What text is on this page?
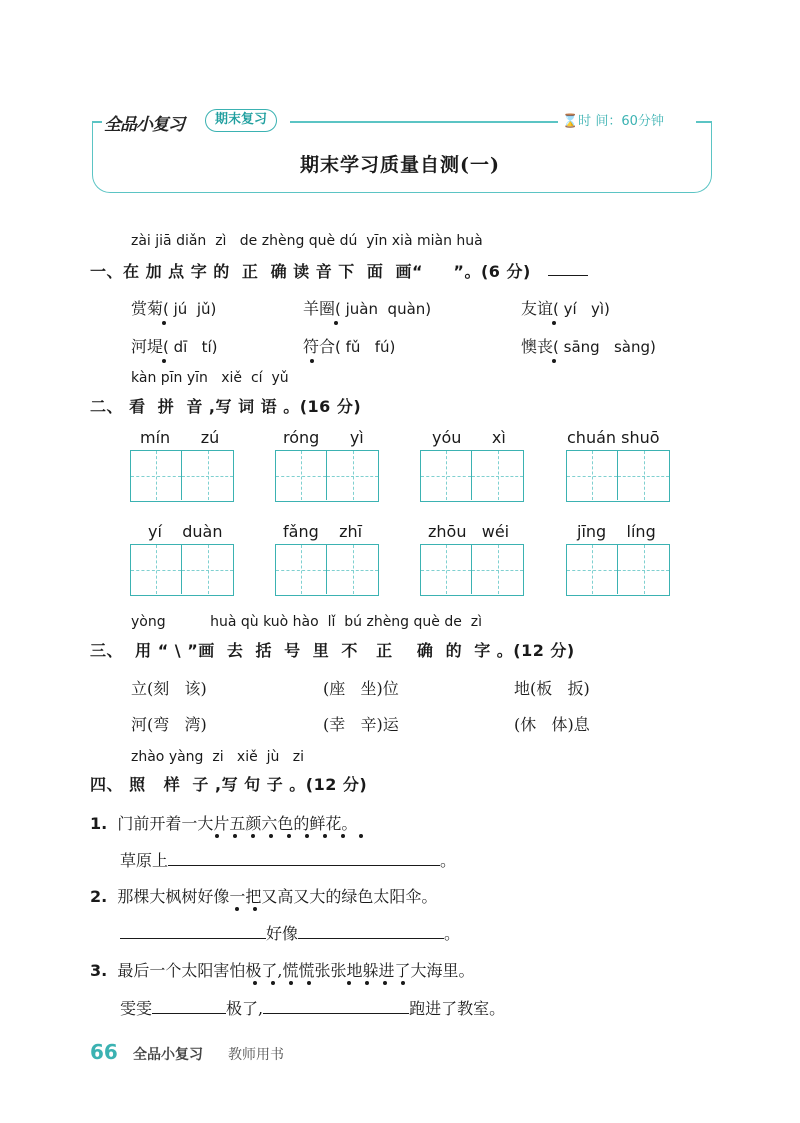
全品小复习	期末复习	⌛时 间：60分钟
期末学习质量自测(一)
zài jiā diǎn  zì   de zhèng què dú  yīn xià miàn huà
一、在 加 点 字 的  正  确 读 音 下  面  画“     ”。(6 分)
赏菊( jú  jǔ)	羊圈( juàn  quàn)	友谊( yí   yì)
河堤( dī   tí)	符合( fǔ   fú)	懊丧( sāng   sàng)
kàn pīn yīn   xiě  cí  yǔ
二、 看  拼  音 ,写 词 语 。(16 分)
mín      zú	róng      yì	yóu      xì	chuán shuō
yí    duàn	fǎng    zhī	zhōu   wéi	jīng    líng
yòng          huà qù kuò hào  lǐ  bú zhèng què de  zì
三、  用 “ \ ”画  去  括  号  里  不   正    确  的  字 。(12 分)
立(刻   该)	(座   坐)位	地(板   扳)
河(弯   湾)	(幸   辛)运	(休   体)息
zhào yàng  zi   xiě  jù   zi
四、 照   样  子 ,写 句 子 。(12 分)
1. 门前开着一大片五颜六色的鲜花。
草原上	。
2. 那棵大枫树好像一把又高又大的绿色太阳伞。
好像	。
3. 最后一个太阳害怕极了,慌慌张张地躲进了大海里。
雯雯	极了,	跑进了教室。
66 全品小复习 教师用书
